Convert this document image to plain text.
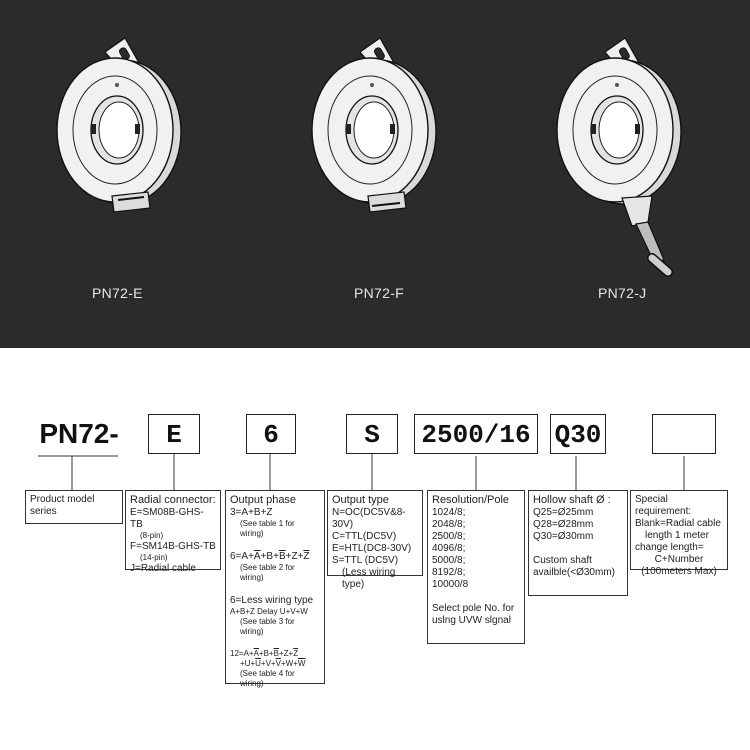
PN72-E	PN72-F	PN72-J
PN72-	E	6	S	2500/16 Q30
Product model
series
Radial connector:
E=SM08B-GHS-TB
(8-pin)
F=SM14B-GHS-TB
(14-pin)
J=Radial cable
Output phase
3=A+B+Z
(See table 1 for wiring)
$6=A+\overline{A}+B+\overline{B}+Z+\overline{Z}$
(See table 2 for wiring)
6=Less wiring type
A+B+Z Delay U+V+W
(See table 3 for wiring)
$12=A+\overline{A}+B+\overline{B}+Z+\overline{Z}$
$+U+\overline{U}+V+\overline{V}+W+\overline{W}$
(See table 4 for wiring)
Output type
N=OC(DC5V&8-30V)
C=TTL(DC5V)
E=HTL(DC8-30V)
S=TTL (DC5V)
(Less wiring type)
Resolution/Pole
1024/8;
2048/8;
2500/8;
4096/8;
5000/8;
8192/8;
10000/8
Select pole No. for
uslng UVW slgnal
Hollow shaft Ø :
Q25=Ø25mm
Q28=Ø28mm
Q30=Ø30mm
Custom shaft
availble(<Ø30mm)
Special requirement:
Blank=Radial cable
length 1 meter
change length=
C+Number
(100meters Max)
